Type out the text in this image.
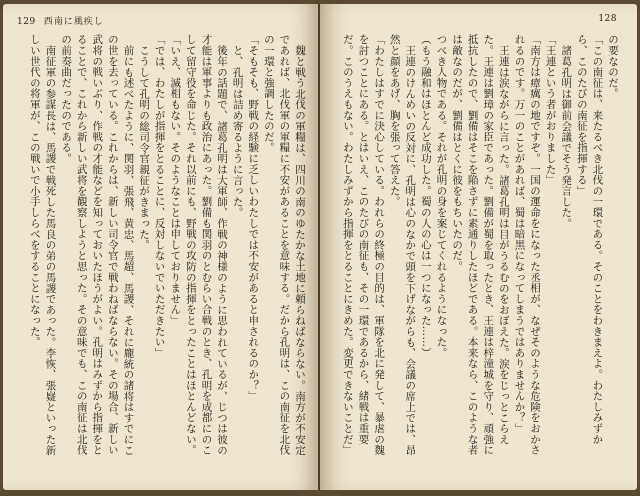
129 西南に風疾し

魏と戦う北伐の軍糧は、四川の南のゆたかな土地に頼らねばならない。南方が不安定であれば、北伐軍の軍糧に不安があることを意味する。だから孔明は、この南征を北伐の一環と強調したのだ。

「そもそも、野戦の経験に乏しいわたしでは不安があると申されるのか？」

と、孔明は詰め寄るように言った。

後年の話題で、諸葛孔明は大軍師、作戦の神様のように思われているが、じつは彼の才能は軍事よりも政治にあった。劉備も関羽のとむらい合戦のとき、孔明を成都にのこして留守役を命じた。それ以前にも、野戦の攻防の指揮をとったことはほとんどない。

「いえ、滅相もない。そのようなことは申しておりません」

「では、わたしが指揮をとることに、反対しないでいただきたい」

こうして孔明の総司令官親征がきまった。

前にも述べたように、関羽、張飛、黄忠、馬超、馬謖、それに龐統の諸将はすでにこの世を去っている。これからは、新しい司令官で戦わねばならない。その場合、新しい武将の戦いぶり、作戦の才能などを知っておいたほうがよい。孔明はみずから指揮をとることで、これから新しい武将を観察しようと思った。その意味でも、この南征は北伐の前奏曲だったのである。

南征軍の参謀長は、馬謖で戦死した馬良の弟の馬謖であった。李恢、張嶷といった新しい世代の将軍が、この戦いで小手しらべをすることになった。

128

の要なのだ。

「この南征は、来たるべき北伐の一環である。そのことをわきまえよ。わたしみずから、このたびの南征を指揮する」

諸葛孔明は御前会議でそう発言した。

「王連という者がおりました」

「南方は瘴癘の地ですぞ。一国の運命をになった丞相が、なぜそのような危険をおかされるのです。万一のことがあれば、蜀は暗黒になってしまうではありませんか？」

王連は涙ながらに言った。諸葛孔明は目がうるむのをおぼえた。涙をじっとこらえた。王連は劉璋の家臣であった。劉備が蜀を取ったとき、王連は梓潼城を守り、頑強に抵抗したので、劉備はそこを陥さずに素通りしたほどである。本来なら、このような者は敵なのだが、劉備はとくに彼をもちいたのだ。

つべき人物である。それが孔明の身を案じてくれるようになった。

（もう融和はほとんど成功した。蜀の人の心は一つになった……）

王連のけんめいの反対に、孔明は心のなかで頭を下げながらも、会議の席上では、昂然と顔をあげ、胸を張って答えた。

「わたしはすでに決心している。われらの終極の目的は、軍隊を北に発して、暴虐の魏を討つことにある。とはいえ、このたびの南征も、その一環であるから、緒戦は重要だ。このうえもない。わたしみずから指揮をとることにきめた。変更できないことだ」
